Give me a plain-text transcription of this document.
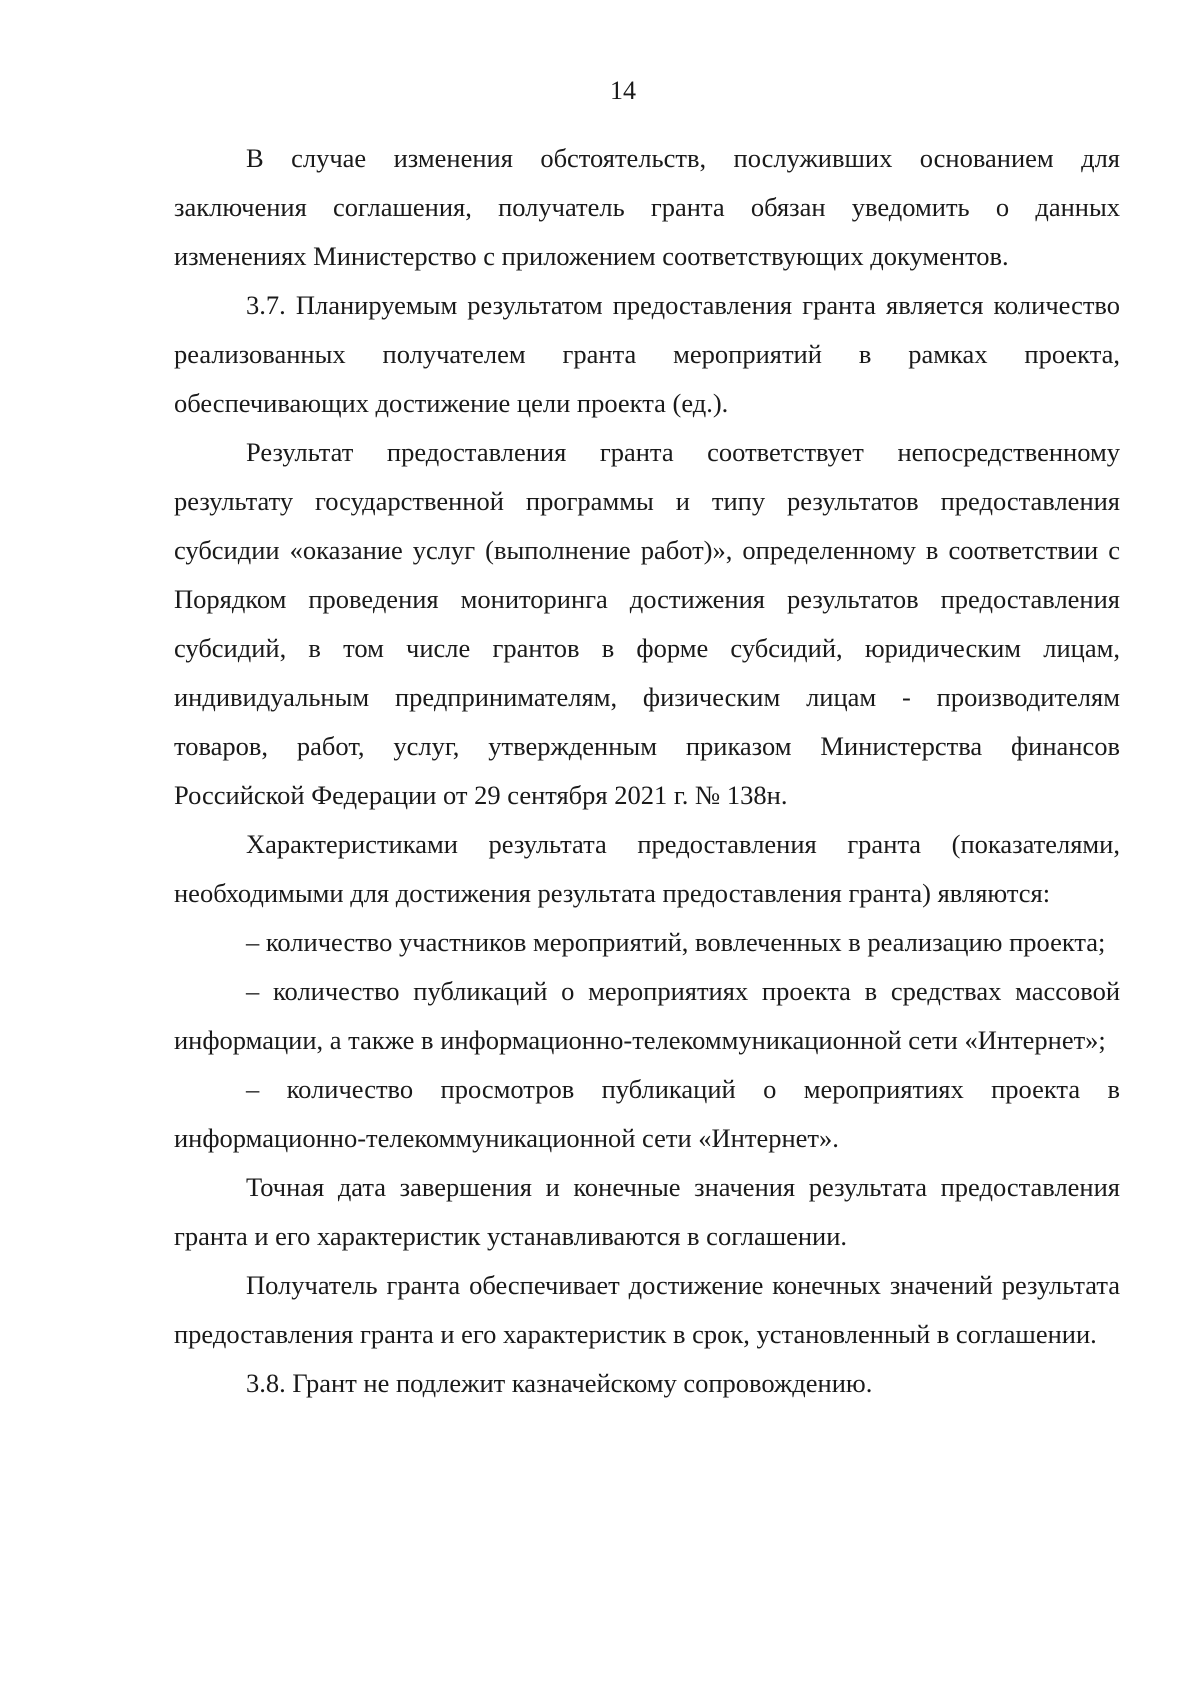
14

В случае изменения обстоятельств, послуживших основанием для заключения соглашения, получатель гранта обязан уведомить о данных изменениях Министерство с приложением соответствующих документов.

3.7. Планируемым результатом предоставления гранта является количество реализованных получателем гранта мероприятий в рамках проекта, обеспечивающих достижение цели проекта (ед.).

Результат предоставления гранта соответствует непосредственному результату государственной программы и типу результатов предоставления субсидии «оказание услуг (выполнение работ)», определенному в соответствии с Порядком проведения мониторинга достижения результатов предоставления субсидий, в том числе грантов в форме субсидий, юридическим лицам, индивидуальным предпринимателям, физическим лицам - производителям товаров, работ, услуг, утвержденным приказом Министерства финансов Российской Федерации от 29 сентября 2021 г. № 138н.

Характеристиками результата предоставления гранта (показателями, необходимыми для достижения результата предоставления гранта) являются:

– количество участников мероприятий, вовлеченных в реализацию проекта;

– количество публикаций о мероприятиях проекта в средствах массовой информации, а также в информационно-телекоммуникационной сети «Интернет»;

– количество просмотров публикаций о мероприятиях проекта в информационно-телекоммуникационной сети «Интернет».

Точная дата завершения и конечные значения результата предоставления гранта и его характеристик устанавливаются в соглашении.

Получатель гранта обеспечивает достижение конечных значений результата предоставления гранта и его характеристик в срок, установленный в соглашении.

3.8. Грант не подлежит казначейскому сопровождению.
